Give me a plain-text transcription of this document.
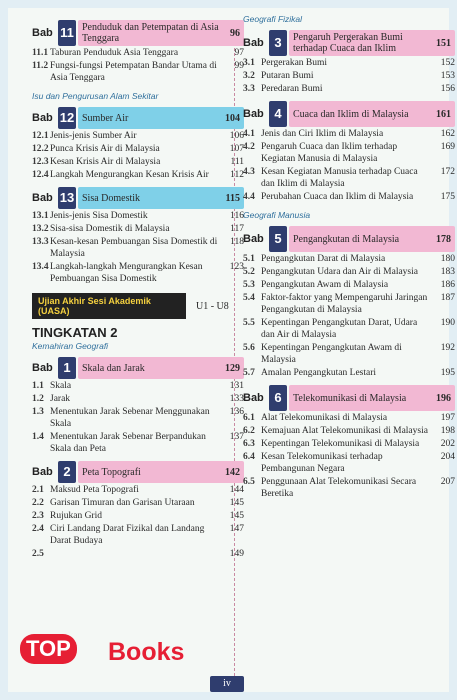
Bab 11 Penduduk dan Petempatan di Asia Tenggara	96
11.1 Taburan Penduduk Asia Tenggara	97
11.2 Fungsi-fungsi Petempatan Bandar Utama di Asia Tenggara
99
Isu dan Pengurusan Alam Sekitar
Bab 12 Sumber Air	104
12.1 Jenis-jenis Sumber Air	106
12.2 Punca Krisis Air di Malaysia	107
12.3 Kesan Krisis Air di Malaysia	111
12.4 Langkah Mengurangkan Kesan Krisis Air	112
Bab 13 Sisa Domestik	115
13.1 Jenis-jenis Sisa Domestik	116
13.2 Sisa-sisa Domestik di Malaysia	117
13.3 Kesan-kesan Pembuangan Sisa Domestik di Malaysia
118
13.4 Langkah-langkah Mengurangkan Kesan Pembuangan Sisa Domestik
123
Ujian Akhir Sesi Akademik (UASA)	U1 - U8
TINGKATAN 2
Kemahiran Geografi
Bab 1	Skala dan Jarak	129
1.1 Skala	131
1.2 Jarak	133
1.3 Menentukan Jarak Sebenar Menggunakan Skala
136
1.4 Menentukan Jarak Sebenar Berpandukan Skala dan Peta
137
Bab 2	Peta Topografi	142
2.1 Maksud Peta Topografi	144
2.2 Garisan Timuran dan Garisan Utaraan	145
2.3 Rujukan Grid	145
2.4 Ciri Landang Darat Fizikal dan Landang Darat Budaya
147
2.5	149
Geografi Fizikal
Bab 3	Pengaruh Pergerakan Bumi terhadap Cuaca dan Iklim	151
3.1 Pergerakan Bumi	152
3.2 Putaran Bumi	153
3.3 Peredaran Bumi	156
Bab 4	Cuaca dan Iklim di Malaysia	161
4.1 Jenis dan Ciri Iklim di Malaysia	162
4.2 Pengaruh Cuaca dan Iklim terhadap Kegiatan Manusia di Malaysia
169
4.3 Kesan Kegiatan Manusia terhadap Cuaca dan Iklim di Malaysia
172
4.4 Perubahan Cuaca dan Iklim di Malaysia	175
Geografi Manusia
Bab 5	Pengangkutan di Malaysia	178
5.1 Pengangkutan Darat di Malaysia	180
5.2 Pengangkutan Udara dan Air di Malaysia	183
5.3 Pengangkutan Awam di Malaysia	186
5.4 Faktor-faktor yang Mempengaruhi Jaringan Pengangkutan di Malaysia
187
5.5 Kepentingan Pengangkutan Darat, Udara dan Air di Malaysia
190
5.6 Kepentingan Pengangkutan Awam di Malaysia
192
5.7 Amalan Pengangkutan Lestari	195
Bab 6	Telekomunikasi di Malaysia	196
6.1 Alat Telekomunikasi di Malaysia	197
6.2 Kemajuan Alat Telekomunikasi di Malaysia	198
6.3 Kepentingan Telekomunikasi di Malaysia	202
6.4 Kesan Telekomunikasi terhadap Pembangunan Negara
204
6.5 Penggunaan Alat Telekomunikasi Secara Beretika
207
TOP Books
iv
